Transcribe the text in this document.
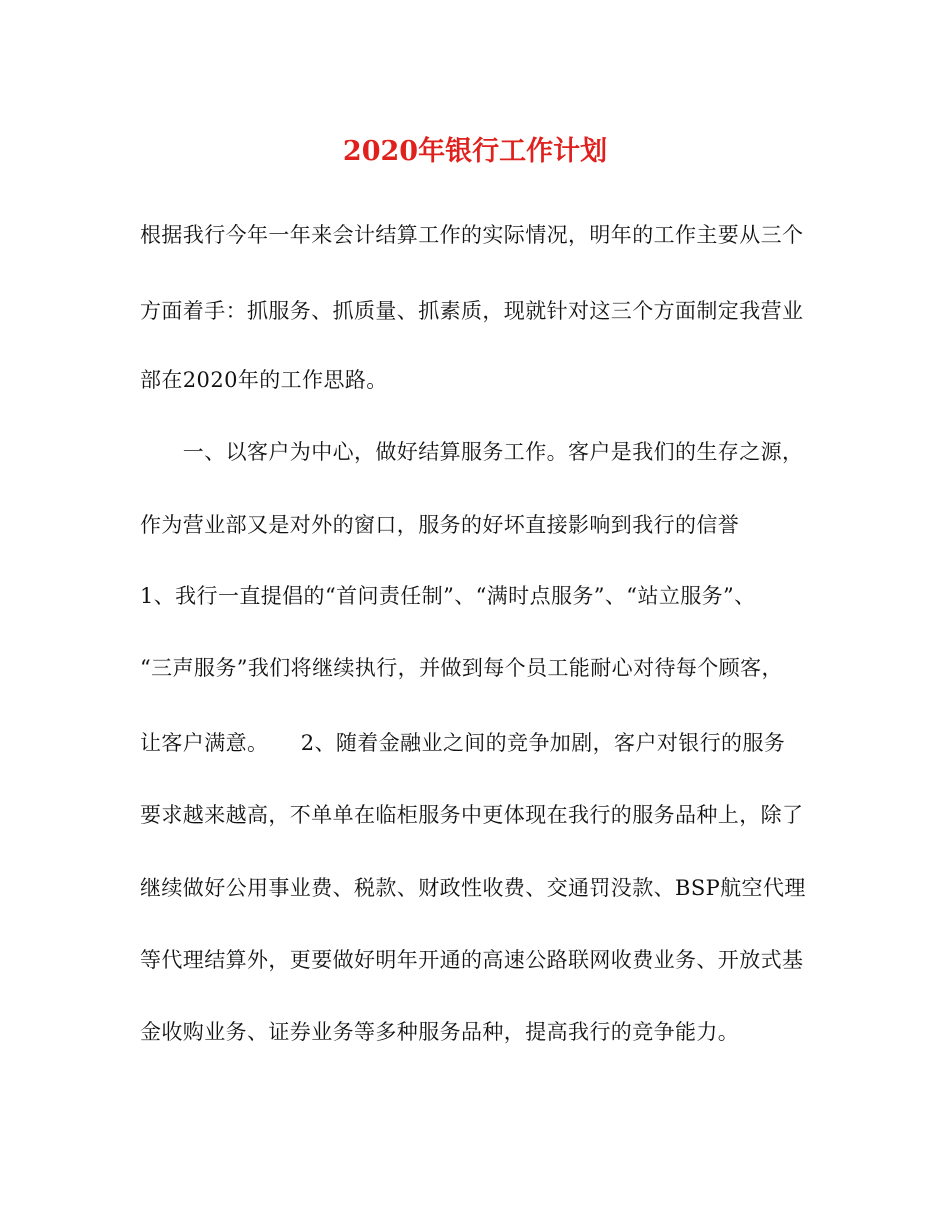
2020年银行工作计划
根据我行今年一年来会计结算工作的实际情况，明年的工作主要从三个
方面着手：抓服务、抓质量、抓素质，现就针对这三个方面制定我营业
部在2020年的工作思路。
　　一、以客户为中心，做好结算服务工作。客户是我们的生存之源，
作为营业部又是对外的窗口，服务的好坏直接影响到我行的信誉
1、我行一直提倡的“首问责任制”、“满时点服务”、“站立服务”、
“三声服务”我们将继续执行，并做到每个员工能耐心对待每个顾客，
让客户满意。　　2、随着金融业之间的竞争加剧，客户对银行的服务
要求越来越高，不单单在临柜服务中更体现在我行的服务品种上，除了
继续做好公用事业费、税款、财政性收费、交通罚没款、BSP航空代理
等代理结算外，更要做好明年开通的高速公路联网收费业务、开放式基
金收购业务、证券业务等多种服务品种，提高我行的竞争能力。
